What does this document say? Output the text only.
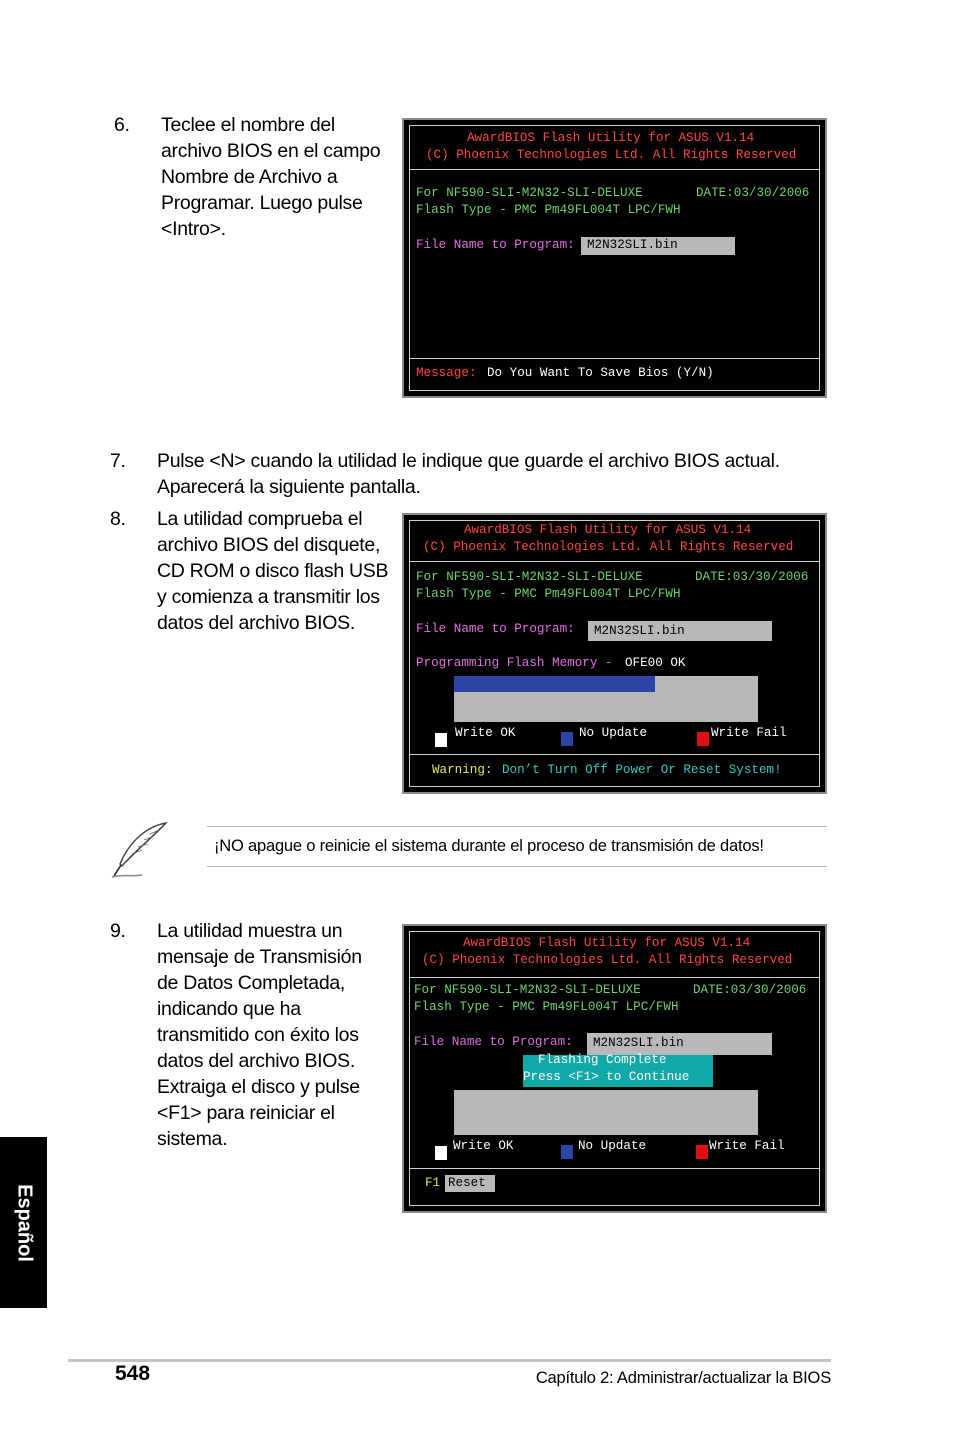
6. Teclee el nombre del
archivo BIOS en el campo
Nombre de Archivo a
Programar. Luego pulse
<Intro>.
AwardBIOS Flash Utility for ASUS V1.14
(C) Phoenix Technologies Ltd. All Rights Reserved
For NF590-SLI-M2N32-SLI-DELUXE	DATE:03/30/2006
Flash Type - PMC Pm49FL004T LPC/FWH
File Name to Program: M2N32SLI.bin
Message: Do You Want To Save Bios (Y/N)
7. Pulse <N> cuando la utilidad le indique que guarde el archivo BIOS actual.
Aparecerá la siguiente pantalla.
8. La utilidad comprueba el
archivo BIOS del disquete,
CD ROM o disco flash USB
y comienza a transmitir los
datos del archivo BIOS.
AwardBIOS Flash Utility for ASUS V1.14
(C) Phoenix Technologies Ltd. All Rights Reserved
For NF590-SLI-M2N32-SLI-DELUXE	DATE:03/30/2006
Flash Type - PMC Pm49FL004T LPC/FWH
File Name to Program:	M2N32SLI.bin
Programming Flash Memory - OFE00 OK
Write OK	No Update	Write Fail
Warning: Don’t Turn Off Power Or Reset System!
¡NO apague o reinicie el sistema durante el proceso de transmisión de datos!
9. La utilidad muestra un
mensaje de Transmisión
de Datos Completada,
indicando que ha
transmitido con éxito los
datos del archivo BIOS.
Extraiga el disco y pulse
<F1> para reiniciar el
sistema.
AwardBIOS Flash Utility for ASUS V1.14
(C) Phoenix Technologies Ltd. All Rights Reserved
For NF590-SLI-M2N32-SLI-DELUXE	DATE:03/30/2006
Flash Type - PMC Pm49FL004T LPC/FWH
File Name to Program:	M2N32SLI.bin

Flashing Complete

Press <F1> to Continue

Write OK	No Update	Write Fail
F1 Reset
Español
548	Capítulo 2: Administrar/actualizar la BIOS
